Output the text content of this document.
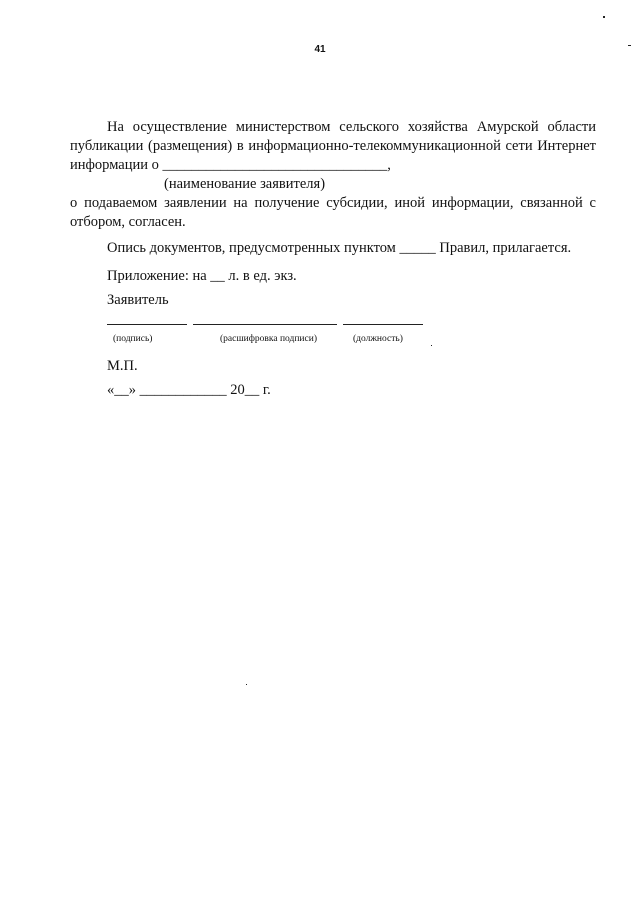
41
На осуществление министерством сельского хозяйства Амурской области
публикации (размещения) в информационно-телекоммуникационной сети Интернет
информации о _______________________________,
(наименование заявителя)
о подаваемом заявлении на получение субсидии, иной информации, связанной с
отбором, согласен.
Опись документов, предусмотренных пунктом _____ Правил, прилагается.
Приложение: на __ л. в ед. экз.
Заявитель
(подпись)	(расшифровка подписи)	(должность)
М.П.
«__» ____________ 20__ г.
